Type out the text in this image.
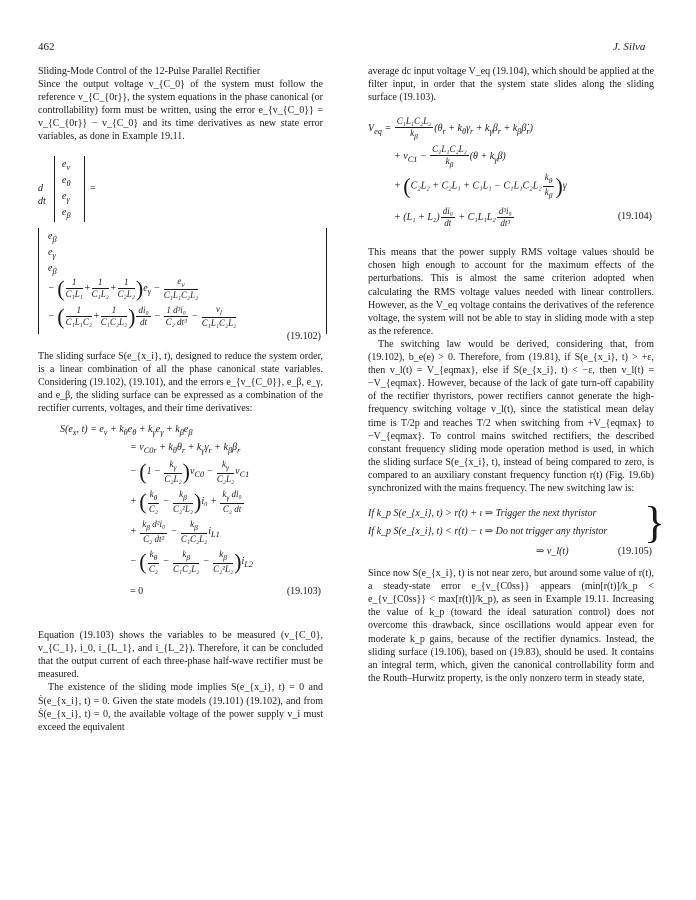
462	J. Silva

Sliding-Mode Control of the 12-Pulse Parallel Rectifier

Since the output voltage v_{C_0} of the system must follow the reference v_{C_{0r}}, the system equations in the phase canonical (or controllability) form must be written, using the error e_{v_{C_0}} = v_{C_{0r}} − v_{C_0} and its time derivatives as new state error variables, as done in Example 19.11.

d
dt
$e_v$
$e_\theta$
$e_\gamma$
$e_\beta$
=
$e_\beta$
$e_\gamma$
$e_\beta$
− ( $\frac{1}{\text{C₁L₁}} + \frac{1}{\text{C₁L₂}} + \frac{1}{\text{C₂L₂}} )e_\gamma - \frac{e_v}{\text{C₁L₁C₂L₂}}$
− ( $\frac{1}{\text{C₁L₁C₂}} + \frac{1}{\text{C₁C₂L₂}}$ ) $\frac{\text{di₀}}{dt} - \frac{\text{1 d³i₀}}{\text{C₂ dt³}} - \frac{v_l}{\text{C₁L₁C₂L₂}}$
(19.102)

The sliding surface S(e_{x_i}, t), designed to reduce the system order, is a linear combination of all the phase canonical state variables. Considering (19.102), (19.101), and the errors e_{v_{C_0}}, e_β, e_γ, and e_β, the sliding surface can be expressed as a combination of the rectifier currents, voltages, and their time derivatives:

$S(e_x$, $t) = e_v + k_\theta e_\theta + k_\gamma e_\gamma + k_\beta e_\beta$
= $v_{C0r} + k_\theta\theta_r + k_\gamma\gamma_r + k_\beta\beta_r$
− $(1 - \frac{k_\gamma}{\text{C₂L₂}} )v_{C0} - \frac{k_\gamma}{\text{C₂L₂}} v_{C1}$
+ ( $\frac{k_\theta}{\text{C₂}} - \frac{k_\beta}{\text{C₂²L₂}} )i_0 + \frac{k_\gamma di_0}{\text{C₂ dt}}$
+ $\frac{k_\beta d^2i_0}{\text{C₂ dt²}} - \frac{k_\beta}{\text{C₁C₂L₂}} i_{L1}$
− ( $\frac{k_\theta}{\text{C₂}} - \frac{k_\beta}{\text{C₁C₂L₂}} - \frac{k_\beta}{\text{C₂²L₂}} )i_{L2}$
= 0	(19.103)

Equation (19.103) shows the variables to be measured (v_{C_0}, v_{C_1}, i_0, i_{L_1}, and i_{L_2}). Therefore, it can be concluded that the output current of each three-phase half-wave rectifier must be measured.

The existence of the sliding mode implies S(e_{x_i}, t) = 0 and Ṡ(e_{x_i}, t) = 0. Given the state models (19.101) (19.102), and from Ṡ(e_{x_i}, t) = 0, the available voltage of the power supply v_i must exceed the equivalent

average dc input voltage V_eq (19.104), which should be applied at the filter input, in order that the system state slides along the sliding surface (19.103).

$V_{eq} = \frac{\text{C₁L₁C₂L₂}}{k_\beta} (\theta_r + k_\theta\gamma_r + k_\gamma\beta_r$ + $k_\beta\betȧ_r$)
+ $v_{C1} - \frac{\text{C₁L₁C₂L₂}}{k_\beta} (\theta + k_\gamma\beta)$
+ $(C_2L_2 + C_2L_1 + C_1L_1 - C_1L_1C_2L_2 \frac{k_\theta}{k_\beta} )\gamma$
+ $(L_1 + L_2) \frac{\text{di₀}}{dt} + C_1L_1L_2 \frac{\text{d³i₀}}{\text{dt³}}$	(19.104)

This means that the power supply RMS voltage values should be chosen high enough to account for the maximum effects of the perturbations. This is almost the same criterion adopted when calculating the RMS voltage values needed with linear controllers. However, as the V_eq voltage contains the derivatives of the reference voltage, the system will not be able to stay in sliding mode with a step as the reference.

The switching law would be derived, considering that, from (19.102), b_e(e) > 0. Therefore, from (19.81), if S(e_{x_i}, t) > +ε, then v_l(t) = V_{eqmax}, else if S(e_{x_i}, t) < −ε, then v_l(t) = −V_{eqmax}. However, because of the lack of gate turn-off capability of the rectifier thyristors, power rectifiers cannot generate the high-frequency switching voltage v_l(t), since the statistical mean delay time is T/2p and reaches T/2 when switching from +V_{eqmax} to −V_{eqmax}. To control mains switched rectifiers, the described constant frequency sliding mode operation method is used, in which the sliding surface S(e_{x_i}, t), instead of being compared to zero, is compared to an auxiliary constant frequency function r(t) (Fig. 19.6b) synchronized with the mains frequency. The new switching law is:

If k_p S(e_{x_i}, t) > r(t) + ι ⇒ Trigger the next thyristor
If k_p S(e_{x_i}, t) < r(t) − ι ⇒ Do not trigger any thyristor }
⇒ v_l(t)	(19.105)

Since now S(e_{x_i}, t) is not near zero, but around some value of r(t), a steady-state error e_{v_{C0ss}} appears (min[r(t)]/k_p < e_{v_{C0ss}} < max[r(t)]/k_p), as seen in Example 19.11. Increasing the value of k_p (toward the ideal saturation control) does not overcome this drawback, since oscillations would appear even for moderate k_p gains, because of the rectifier dynamics. Instead, the sliding surface (19.106), based on (19.83), should be used. It contains an integral term, which, given the canonical controllability form and the Routh–Hurwitz property, is the only nonzero term in steady state,
